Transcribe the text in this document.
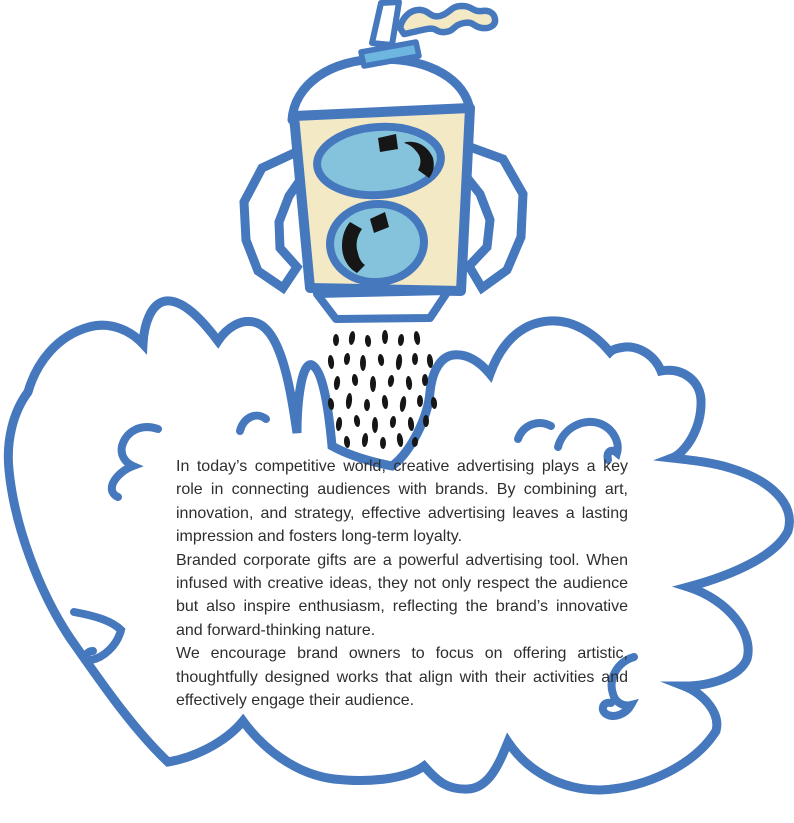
In today’s competitive world, creative advertising plays a key role in connecting audiences with brands. By combining art, innovation, and strategy, effective advertising leaves a lasting impression and fosters long-term loyalty.

Branded corporate gifts are a powerful advertising tool. When infused with creative ideas, they not only respect the audience but also inspire enthusiasm, reflecting the brand’s innovative and forward-thinking nature.

We encourage brand owners to focus on offering artistic, thoughtfully designed works that align with their activities and effectively engage their audience.
